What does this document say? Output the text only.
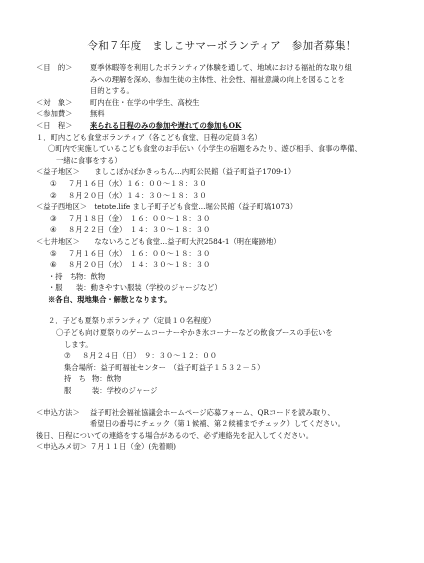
令和７年度　ましこサマーボランティア　参加者募集！
＜目　的＞	夏季休暇等を利用したボランティア体験を通して、地域における福祉的な取り組
みへの理解を深め、参加生徒の主体性、社会性、福祉意識の向上を図ることを
目的とする。
＜対　象＞	町内在住・在学の中学生、高校生
＜参加費＞	無料
＜日　程＞	来られる日程のみの参加や遅れての参加もOK
１．町内こども食堂ボランティア（各こども食堂、日程の定員３名）
〇町内で実施しているこども食堂のお手伝い（小学生の宿題をみたり、遊び相手、食事の準備、
一緒に食事をする）
＜益子地区＞　　ましこぽかぽかきっちん…内町公民館（益子町益子1709-1）
①	７月１６日（水）１６：００～１８：３０
②	８月２０日（水）１４：３０～１８：３０
＜益子西地区＞　tetote.life まし子町子ども食堂…堀公民館（益子町塙1073）
③	７月１８日（金）　１６：００～１８：３０
④	８月２２日（金）　１４：３０～１８：３０
＜七井地区＞　　なないろこども食堂…益子町大沢2584-1（明在庵跡地）
⑤	７月１６日（水）　１６：００～１８：３０
⑥	８月２０日（水）　１４：３０～１８：３０
・持　ち
物：飲物
・服　　
装：動きやすい服装（学校のジャージなど）
※各自、現地集合・解散となります。
２．子ども夏祭りボランティア（定員１０名程度）
〇子ども向け夏祭りのゲームコーナーやかき氷コーナーなどの飲食ブースの手伝いを
します。
⑦	８月２４日（日）　９：３０～１２：００
集合場所：益子町福祉センター　（益子町益子１５３２－５）
持　ち 物：飲物
服　　 装：学校のジャージ
＜申込方法＞	益子町社会福祉協議会ホームページ応募フォーム、QRコードを読み取り、
希望日の番号にチェック（第１候補、第２候補までチェック）してください。
後日、日程についての連絡をする場合があるので、必ず連絡先を記入してください。
＜申込みメ切＞ ７月１１日（金）(先着順)
